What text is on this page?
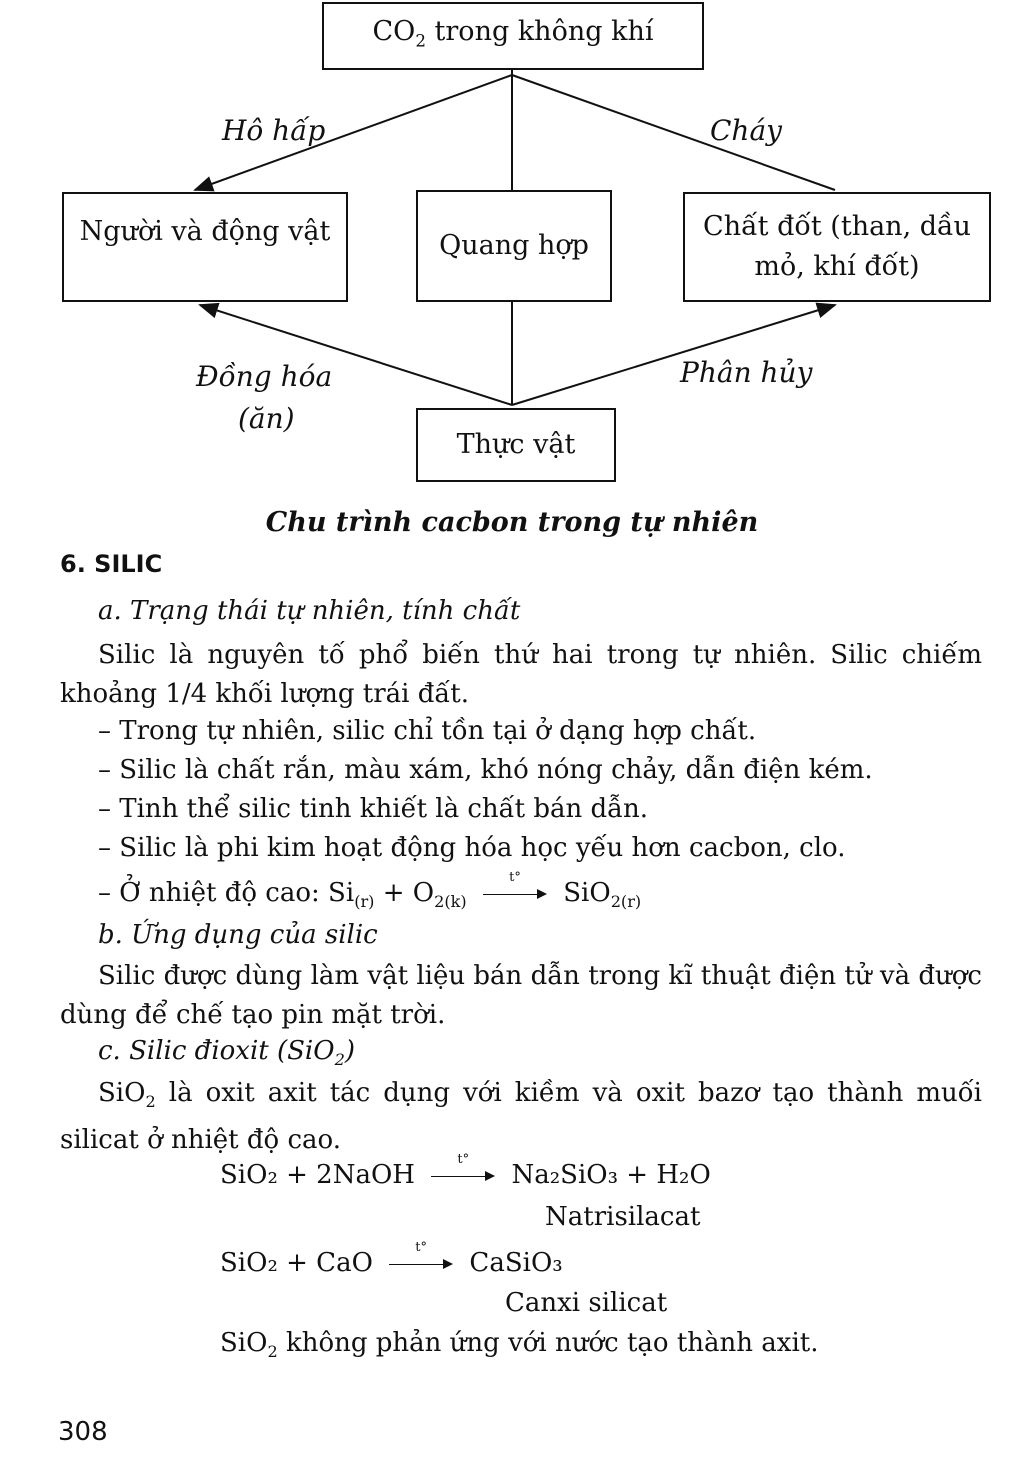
$CO_2$ trong không khí
Người và động vật	Quang hợp
Chất đốt (than, dầu
mỏ, khí đốt)
Thực vật
Hô hấp	Cháy
Đồng hóa
(ăn)
Phân hủy
Chu trình cacbon trong tự nhiên
6. SILIC
a. Trạng thái tự nhiên, tính chất
Silic là nguyên tố phổ biến thứ hai trong tự nhiên. Silic chiếm khoảng 1/4 khối lượng trái đất.
– Trong tự nhiên, silic chỉ tồn tại ở dạng hợp chất.
– Silic là chất rắn, màu xám, khó nóng chảy, dẫn điện kém.
– Tinh thể silic tinh khiết là chất bán dẫn.
– Silic là phi kim hoạt động hóa học yếu hơn cacbon, clo.
– Ở nhiệt độ cao: $Si_{(r)} + O_{2(k)}$
t°
SiO$_{2(r)}$
b. Ứng dụng của silic
Silic được dùng làm vật liệu bán dẫn trong kĩ thuật điện tử và được dùng để chế tạo pin mặt trời.
c. Silic đioxit (SiO$_2$)
SiO$_2$ là oxit axit tác dụng với kiềm và oxit bazơ tạo thành muối silicat ở nhiệt độ cao.
SiO₂ + 2NaOH
t°
Na₂SiO₃ + H₂O
Natrisilacat
SiO₂ + CaO
t°
CaSiO₃
Canxi silicat
SiO$_2$ không phản ứng với nước tạo thành axit.
308
